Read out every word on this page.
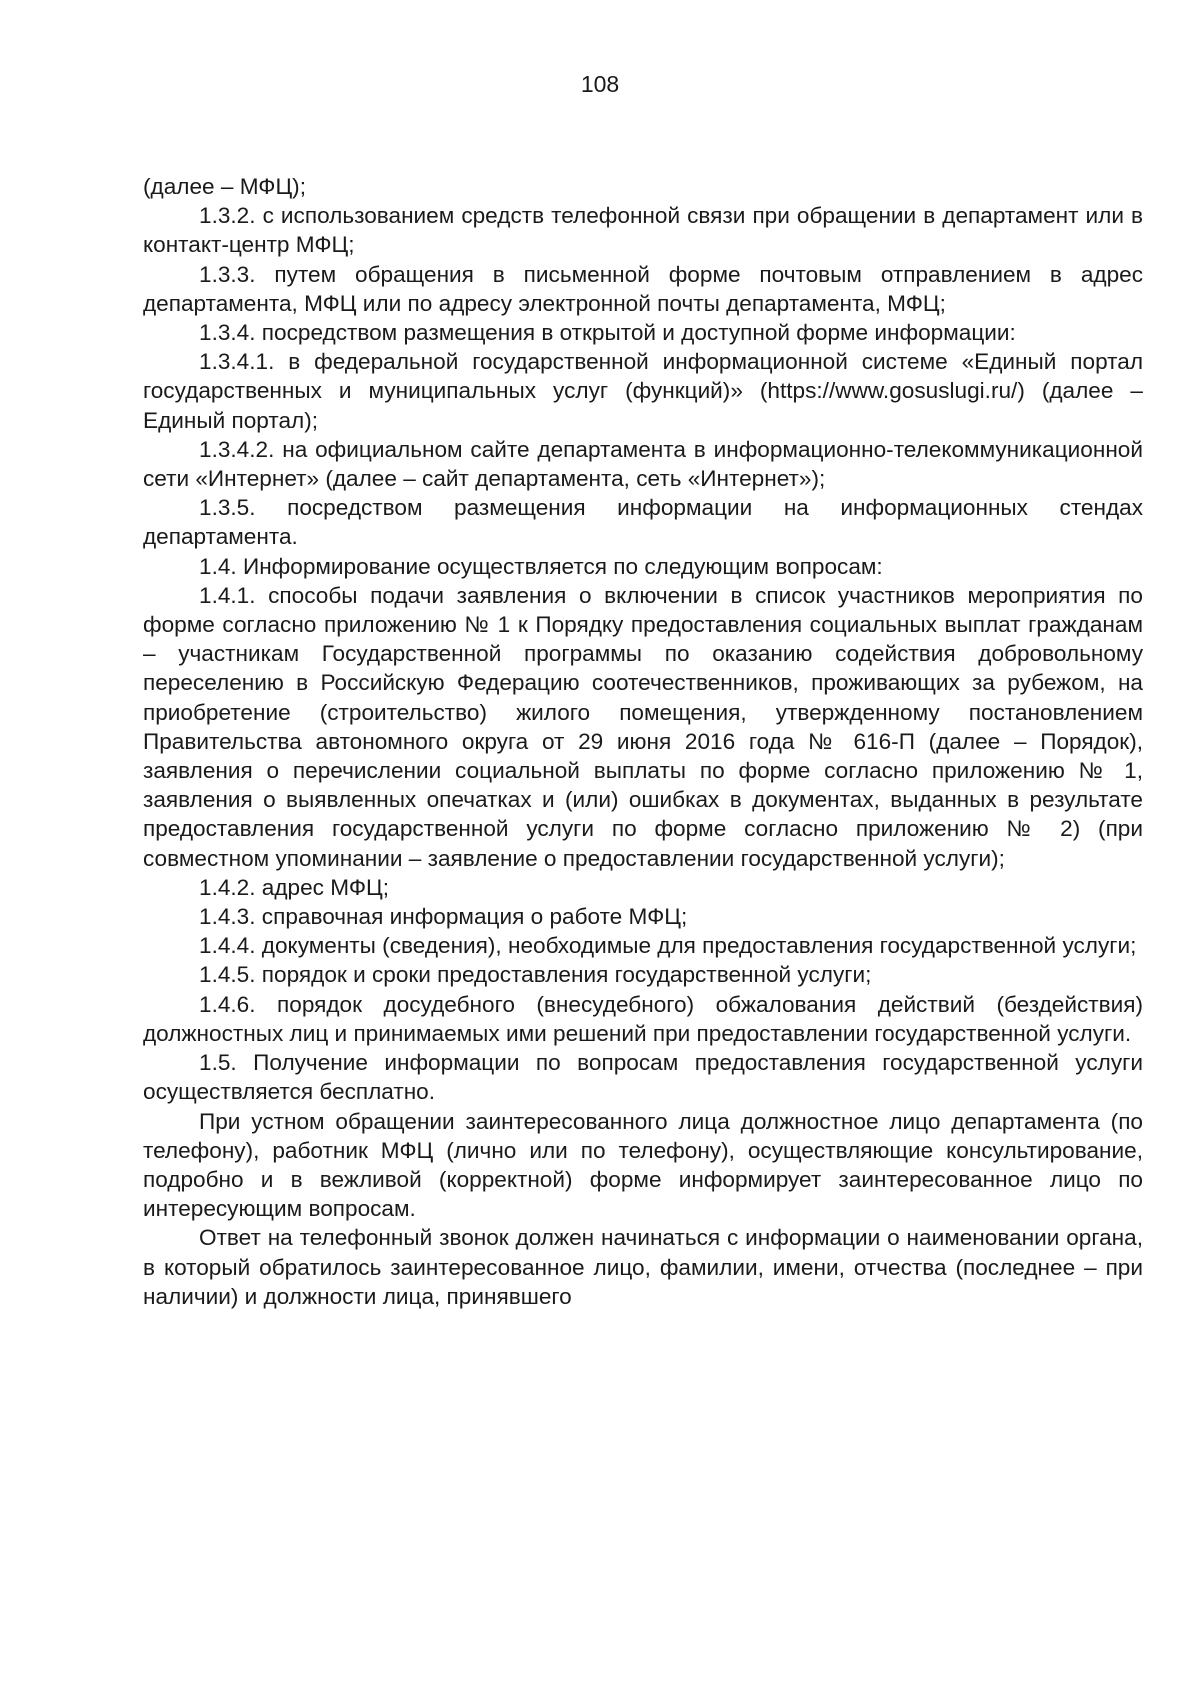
108

(далее – МФЦ);

1.3.2. с использованием средств телефонной связи при обращении в департамент или в контакт-центр МФЦ;

1.3.3. путем обращения в письменной форме почтовым отправлением в адрес департамента, МФЦ или по адресу электронной почты департамента, МФЦ;

1.3.4. посредством размещения в открытой и доступной форме информации:

1.3.4.1. в федеральной государственной информационной системе «Единый портал государственных и муниципальных услуг (функций)» (https://www.gosuslugi.ru/) (далее – Единый портал);

1.3.4.2. на официальном сайте департамента в информационно-телекоммуникационной сети «Интернет» (далее – сайт департамента, сеть «Интернет»);

1.3.5. посредством размещения информации на информационных стендах департамента.

1.4. Информирование осуществляется по следующим вопросам:

1.4.1. способы подачи заявления о включении в список участников мероприятия по форме согласно приложению № 1 к Порядку предоставления социальных выплат гражданам – участникам Государственной программы по оказанию содействия добровольному переселению в Российскую Федерацию соотечественников, проживающих за рубежом, на приобретение (строительство) жилого помещения, утвержденному постановлением Правительства автономного округа от 29 июня 2016 года № 616-П (далее – Порядок), заявления о перечислении социальной выплаты по форме согласно приложению № 1, заявления о выявленных опечатках и (или) ошибках в документах, выданных в результате предоставления государственной услуги по форме согласно приложению № 2) (при совместном упоминании – заявление о предоставлении государственной услуги);

1.4.2. адрес МФЦ;

1.4.3. справочная информация о работе МФЦ;

1.4.4. документы (сведения), необходимые для предоставления государственной услуги;

1.4.5. порядок и сроки предоставления государственной услуги;

1.4.6. порядок досудебного (внесудебного) обжалования действий (бездействия) должностных лиц и принимаемых ими решений при предоставлении государственной услуги.

1.5. Получение информации по вопросам предоставления государственной услуги осуществляется бесплатно.

При устном обращении заинтересованного лица должностное лицо департамента (по телефону), работник МФЦ (лично или по телефону), осуществляющие консультирование, подробно и в вежливой (корректной) форме информирует заинтересованное лицо по интересующим вопросам.

Ответ на телефонный звонок должен начинаться с информации о наименовании органа, в который обратилось заинтересованное лицо, фамилии, имени, отчества (последнее – при наличии) и должности лица, принявшего
